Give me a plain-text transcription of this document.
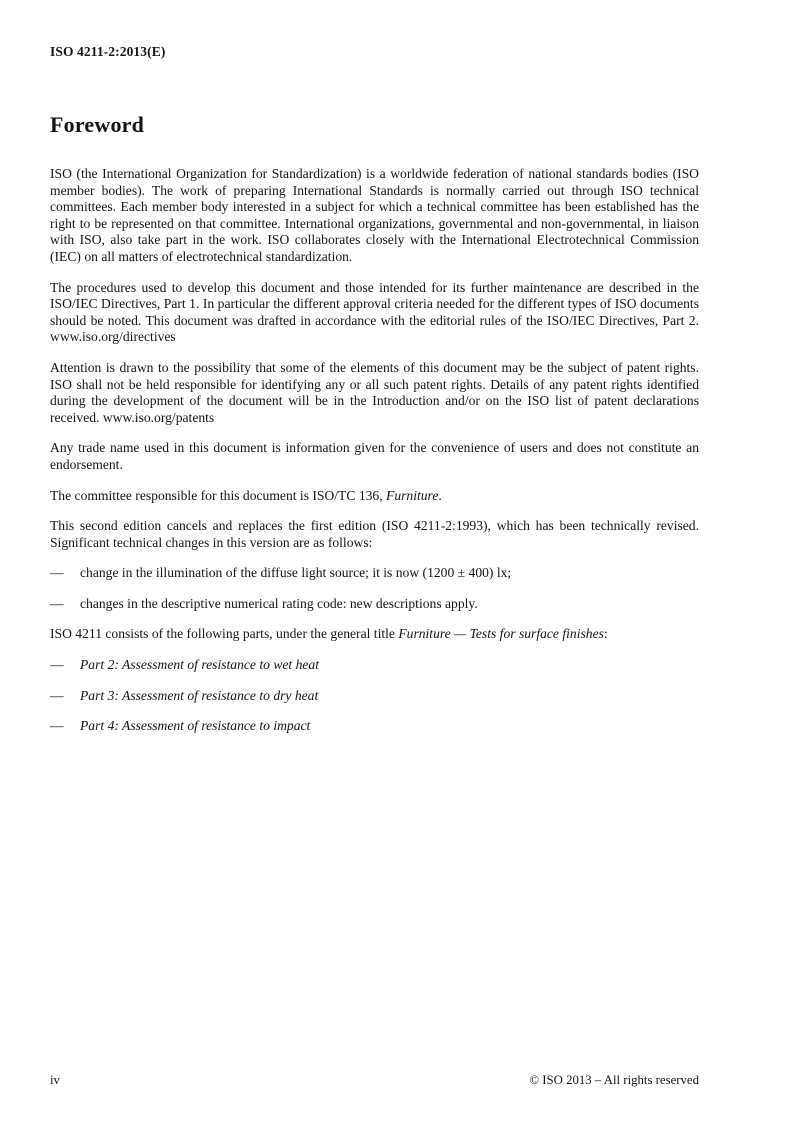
ISO 4211-2:2013(E)
Foreword

ISO (the International Organization for Standardization) is a worldwide federation of national standards bodies (ISO member bodies). The work of preparing International Standards is normally carried out through ISO technical committees. Each member body interested in a subject for which a technical committee has been established has the right to be represented on that committee. International organizations, governmental and non-governmental, in liaison with ISO, also take part in the work. ISO collaborates closely with the International Electrotechnical Commission (IEC) on all matters of electrotechnical standardization.

The procedures used to develop this document and those intended for its further maintenance are described in the ISO/IEC Directives, Part 1. In particular the different approval criteria needed for the different types of ISO documents should be noted. This document was drafted in accordance with the editorial rules of the ISO/IEC Directives, Part 2. www.iso.org/directives

Attention is drawn to the possibility that some of the elements of this document may be the subject of patent rights. ISO shall not be held responsible for identifying any or all such patent rights. Details of any patent rights identified during the development of the document will be in the Introduction and/or on the ISO list of patent declarations received. www.iso.org/patents

Any trade name used in this document is information given for the convenience of users and does not constitute an endorsement.

The committee responsible for this document is ISO/TC 136, Furniture.

This second edition cancels and replaces the first edition (ISO 4211-2:1993), which has been technically revised. Significant technical changes in this version are as follows:

—	change in the illumination of the diffuse light source; it is now (1200 ± 400) lx;
—	changes in the descriptive numerical rating code: new descriptions apply.

ISO 4211 consists of the following parts, under the general title Furniture — Tests for surface finishes:

—	Part 2: Assessment of resistance to wet heat
—	Part 3: Assessment of resistance to dry heat
—	Part 4: Assessment of resistance to impact
iv	© ISO 2013 – All rights reserved
